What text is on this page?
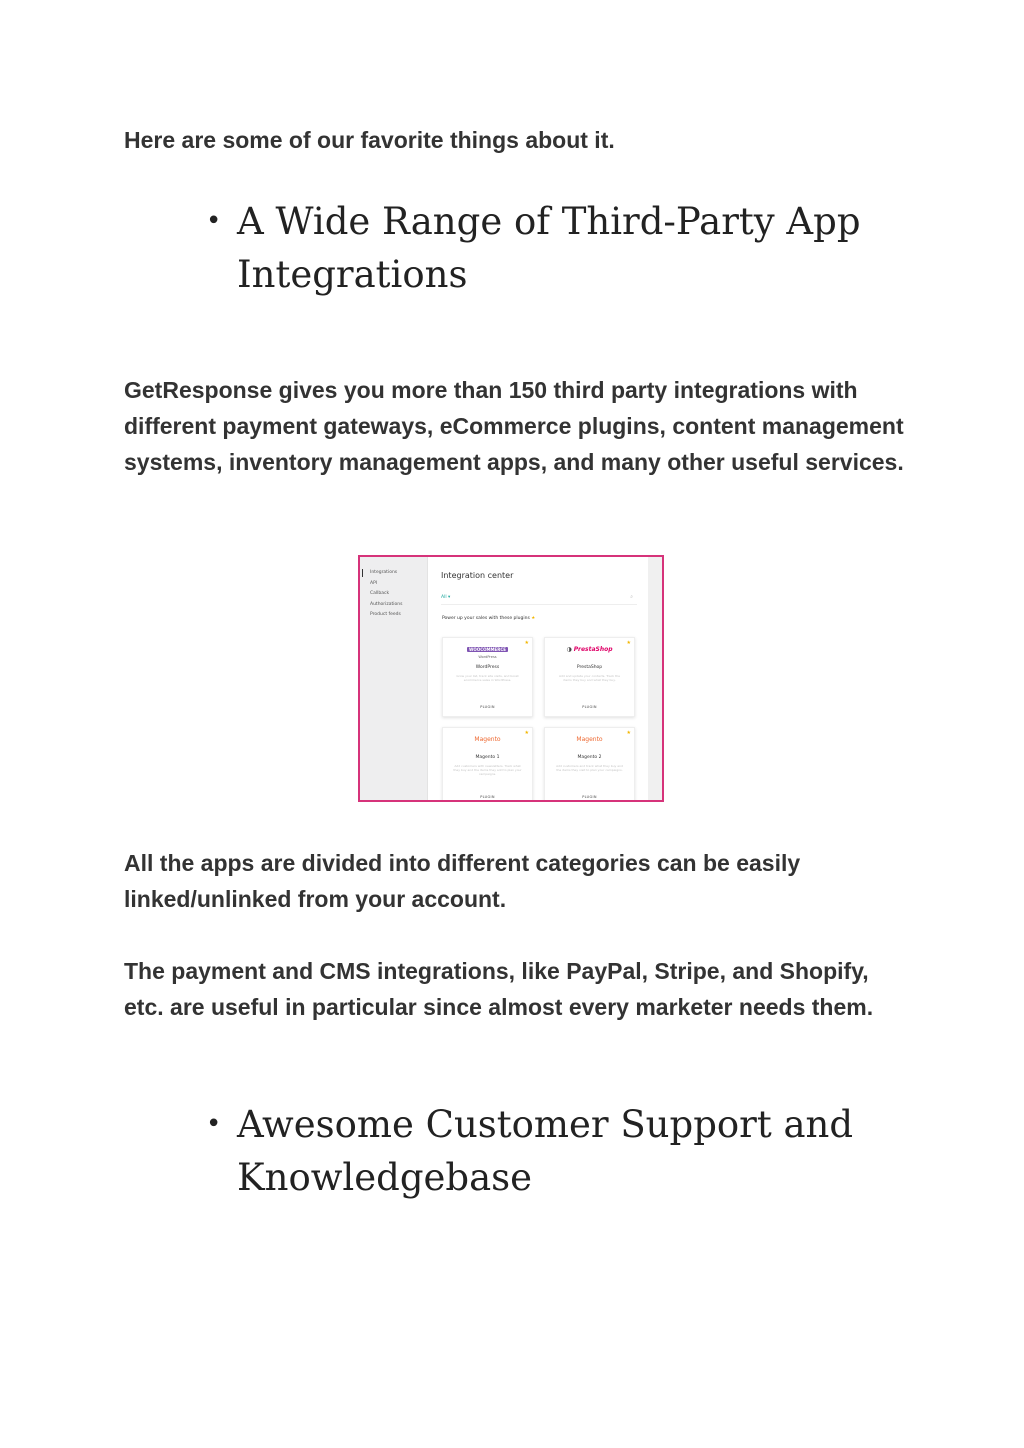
Here are some of our favorite things about it.

• A Wide Range of Third-Party App Integrations

GetResponse gives you more than 150 third party integrations with different payment gateways, eCommerce plugins, content management systems, inventory management apps, and many other useful services.

Integrations
API
Callback
Authorizations
Product feeds
Integration center
All ▾	⌕
Power up your sales with these plugins ★
★
WOOCOMMERCE
WordPress
WordPress
Grow your list, track site visits, and boost ecommerce sales in WordPress.
PLUGIN
★
◑ PrestaShop
PrestaShop
Add and update your contacts. Track the items they buy and what they buy.
PLUGIN
★
Magento
Magento 1
Add customers with newsletters. Track what they buy and the items they add to plan your campaigns.
PLUGIN
★
Magento
Magento 2
Add customers and track what they buy and the items they visit to plan your campaigns.
PLUGIN

All the apps are divided into different categories can be easily linked/unlinked from your account.

The payment and CMS integrations, like PayPal, Stripe, and Shopify, etc. are useful in particular since almost every marketer needs them.

• Awesome Customer Support and Knowledgebase
